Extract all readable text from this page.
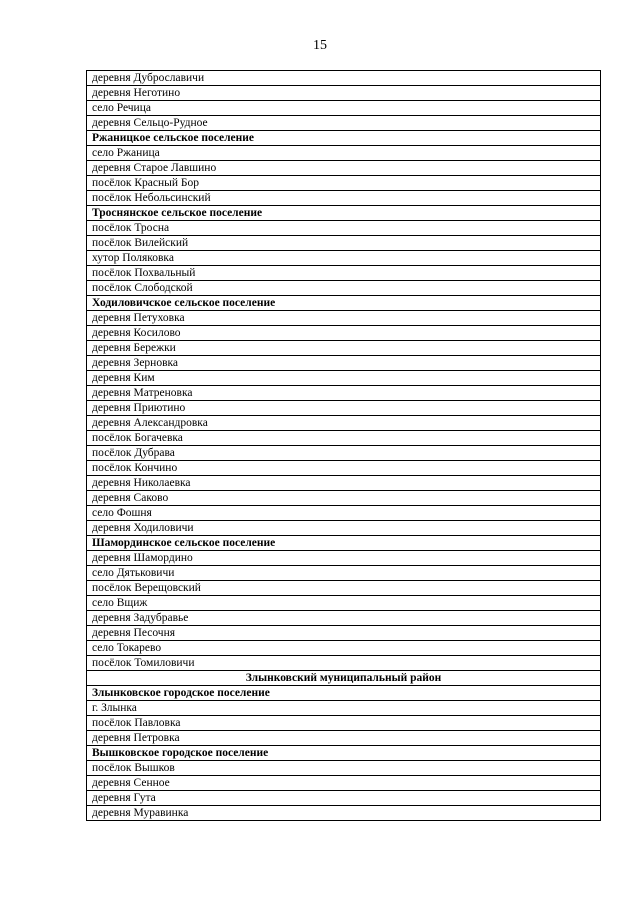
15
деревня Дуброславичи
деревня Неготино
село Речица
деревня Сельцо-Рудное
Ржаницкое сельское поселение
село Ржаница
деревня Старое Лавшино
посёлок Красный Бор
посёлок Небольсинский
Троснянское сельское поселение
посёлок Тросна
посёлок Вилейский
хутор Поляковка
посёлок Похвальный
посёлок Слободской
Ходиловичское сельское поселение
деревня Петуховка
деревня Косилово
деревня Бережки
деревня Зерновка
деревня Ким
деревня Матреновка
деревня Приютино
деревня Александровка
посёлок Богачевка
посёлок Дубрава
посёлок Кончино
деревня Николаевка
деревня Саково
село Фошня
деревня Ходиловичи
Шамординское сельское поселение
деревня Шамордино
село Дятьковичи
посёлок Верещовский
село Вщиж
деревня Задубравье
деревня Песочня
село Токарево
посёлок Томиловичи
Злынковский муниципальный район
Злынковское городское поселение
г. Злынка
посёлок Павловка
деревня Петровка
Вышковское городское поселение
посёлок Вышков
деревня Сенное
деревня Гута
деревня Муравинка
